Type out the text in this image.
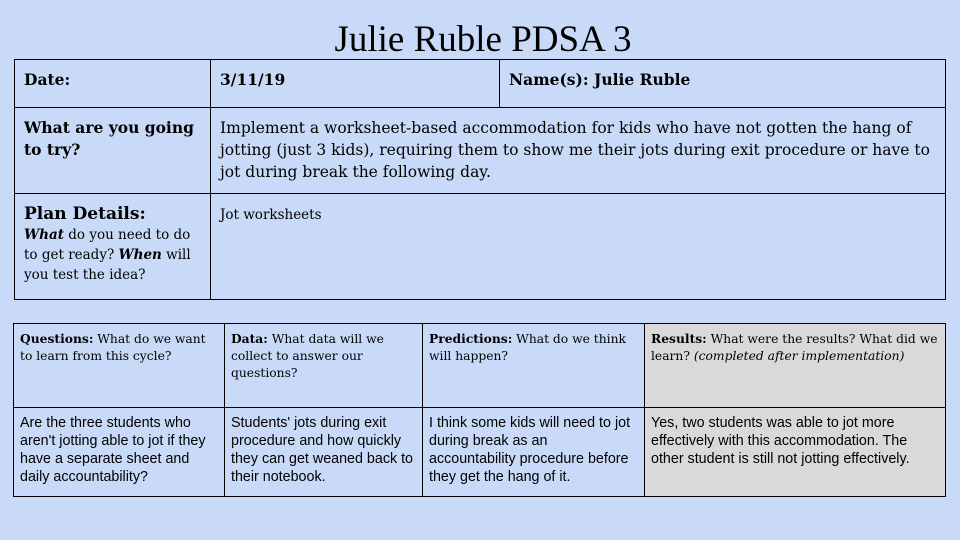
Julie Ruble PDSA 3
Date:	3/11/19	Name(s): Julie Ruble
What are you going to try?	Implement a worksheet-based accommodation for kids who have not gotten the hang of jotting (just 3 kids), requiring them to show me their jots during exit procedure or have to jot during break the following day.	

Plan Details:
What do you need to do to get ready? When will you test the idea?	Jot worksheets	
Questions: What do we want to learn from this cycle?	Data: What data will we collect to answer our questions?	Predictions: What do we think will happen?	Results: What were the results? What did we learn? (completed after implementation)
Are the three students who aren't jotting able to jot if they have a separate sheet and daily accountability?	Students' jots during exit procedure and how quickly they can get weaned back to their notebook.	I think some kids will need to jot during break as an accountability procedure before they get the hang of it.	Yes, two students was able to jot more effectively with this accommodation. The other student is still not jotting effectively.
